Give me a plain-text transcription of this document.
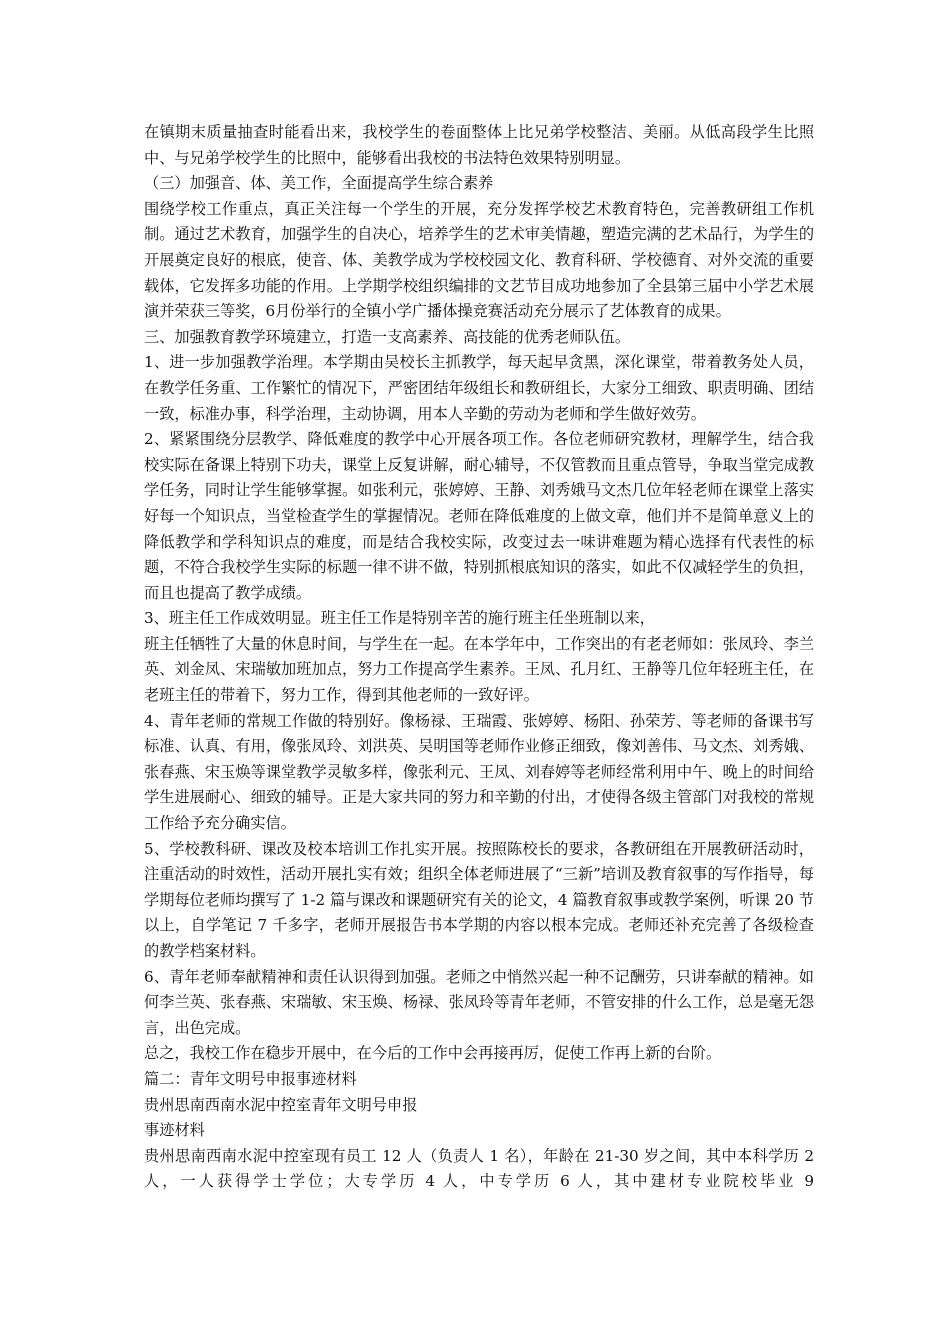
在镇期末质量抽查时能看出来，我校学生的卷面整体上比兄弟学校整洁、美丽。从低高段学生比照中、与兄弟学校学生的比照中，能够看出我校的书法特色效果特别明显。

（三）加强音、体、美工作，全面提高学生综合素养

围绕学校工作重点，真正关注每一个学生的开展，充分发挥学校艺术教育特色，完善教研组工作机制。通过艺术教育，加强学生的自决心，培养学生的艺术审美情趣，塑造完满的艺术品行，为学生的开展奠定良好的根底，使音、体、美教学成为学校校园文化、教育科研、学校德育、对外交流的重要载体，它发挥多功能的作用。上学期学校组织编排的文艺节目成功地参加了全县第三届中小学艺术展演并荣获三等奖，6月份举行的全镇小学广播体操竞赛活动充分展示了艺体教育的成果。

三、加强教育教学环境建立，打造一支高素养、高技能的优秀老师队伍。

1、进一步加强教学治理。本学期由吴校长主抓教学，每天起早贪黑，深化课堂，带着教务处人员，在教学任务重、工作繁忙的情况下，严密团结年级组长和教研组长，大家分工细致、职责明确、团结一致，标准办事，科学治理，主动协调，用本人辛勤的劳动为老师和学生做好效劳。

2、紧紧围绕分层教学、降低难度的教学中心开展各项工作。各位老师研究教材，理解学生，结合我校实际在备课上特别下功夫，课堂上反复讲解，耐心辅导，不仅管教而且重点管导，争取当堂完成教学任务，同时让学生能够掌握。如张利元，张婷婷、王静、刘秀娥马文杰几位年轻老师在课堂上落实好每一个知识点，当堂检查学生的掌握情况。老师在降低难度的上做文章，他们并不是简单意义上的降低教学和学科知识点的难度，而是结合我校实际，改变过去一味讲难题为精心选择有代表性的标题，不符合我校学生实际的标题一律不讲不做，特别抓根底知识的落实，如此不仅减轻学生的负担，而且也提高了教学成绩。

3、班主任工作成效明显。班主任工作是特别辛苦的施行班主任坐班制以来，

班主任牺牲了大量的休息时间，与学生在一起。在本学年中，工作突出的有老老师如：张凤玲、李兰英、刘金凤、宋瑞敏加班加点，努力工作提高学生素养。王凤、孔月红、王静等几位年轻班主任，在老班主任的带着下，努力工作，得到其他老师的一致好评。

4、青年老师的常规工作做的特别好。像杨禄、王瑞霞、张婷婷、杨阳、孙荣芳、等老师的备课书写标准、认真、有用，像张凤玲、刘洪英、吴明国等老师作业修正细致，像刘善伟、马文杰、刘秀娥、张春燕、宋玉焕等课堂教学灵敏多样，像张利元、王凤、刘春婷等老师经常利用中午、晚上的时间给学生进展耐心、细致的辅导。正是大家共同的努力和辛勤的付出，才使得各级主管部门对我校的常规工作给予充分确实信。

5、学校教科研、课改及校本培训工作扎实开展。按照陈校长的要求，各教研组在开展教研活动时，注重活动的时效性，活动开展扎实有效；组织全体老师进展了“三新”培训及教育叙事的写作指导，每学期每位老师均撰写了 1-2 篇与课改和课题研究有关的论文，4 篇教育叙事或教学案例，听课 20 节以上，自学笔记 7 千多字，老师开展报告书本学期的内容以根本完成。老师还补充完善了各级检查的教学档案材料。

6、青年老师奉献精神和责任认识得到加强。老师之中悄然兴起一种不记酬劳，只讲奉献的精神。如何李兰英、张春燕、宋瑞敏、宋玉焕、杨禄、张凤玲等青年老师，不管安排的什么工作，总是毫无怨言，出色完成。

总之，我校工作在稳步开展中，在今后的工作中会再接再厉，促使工作再上新的台阶。

篇二：青年文明号申报事迹材料

贵州思南西南水泥中控室青年文明号申报

事迹材料

贵州思南西南水泥中控室现有员工 12 人（负责人 1 名），年龄在 21-30 岁之间，其中本科学历 2 人，一人获得学士学位；大专学历 4 人，中专学历 6 人，其中建材专业院校毕业 9
